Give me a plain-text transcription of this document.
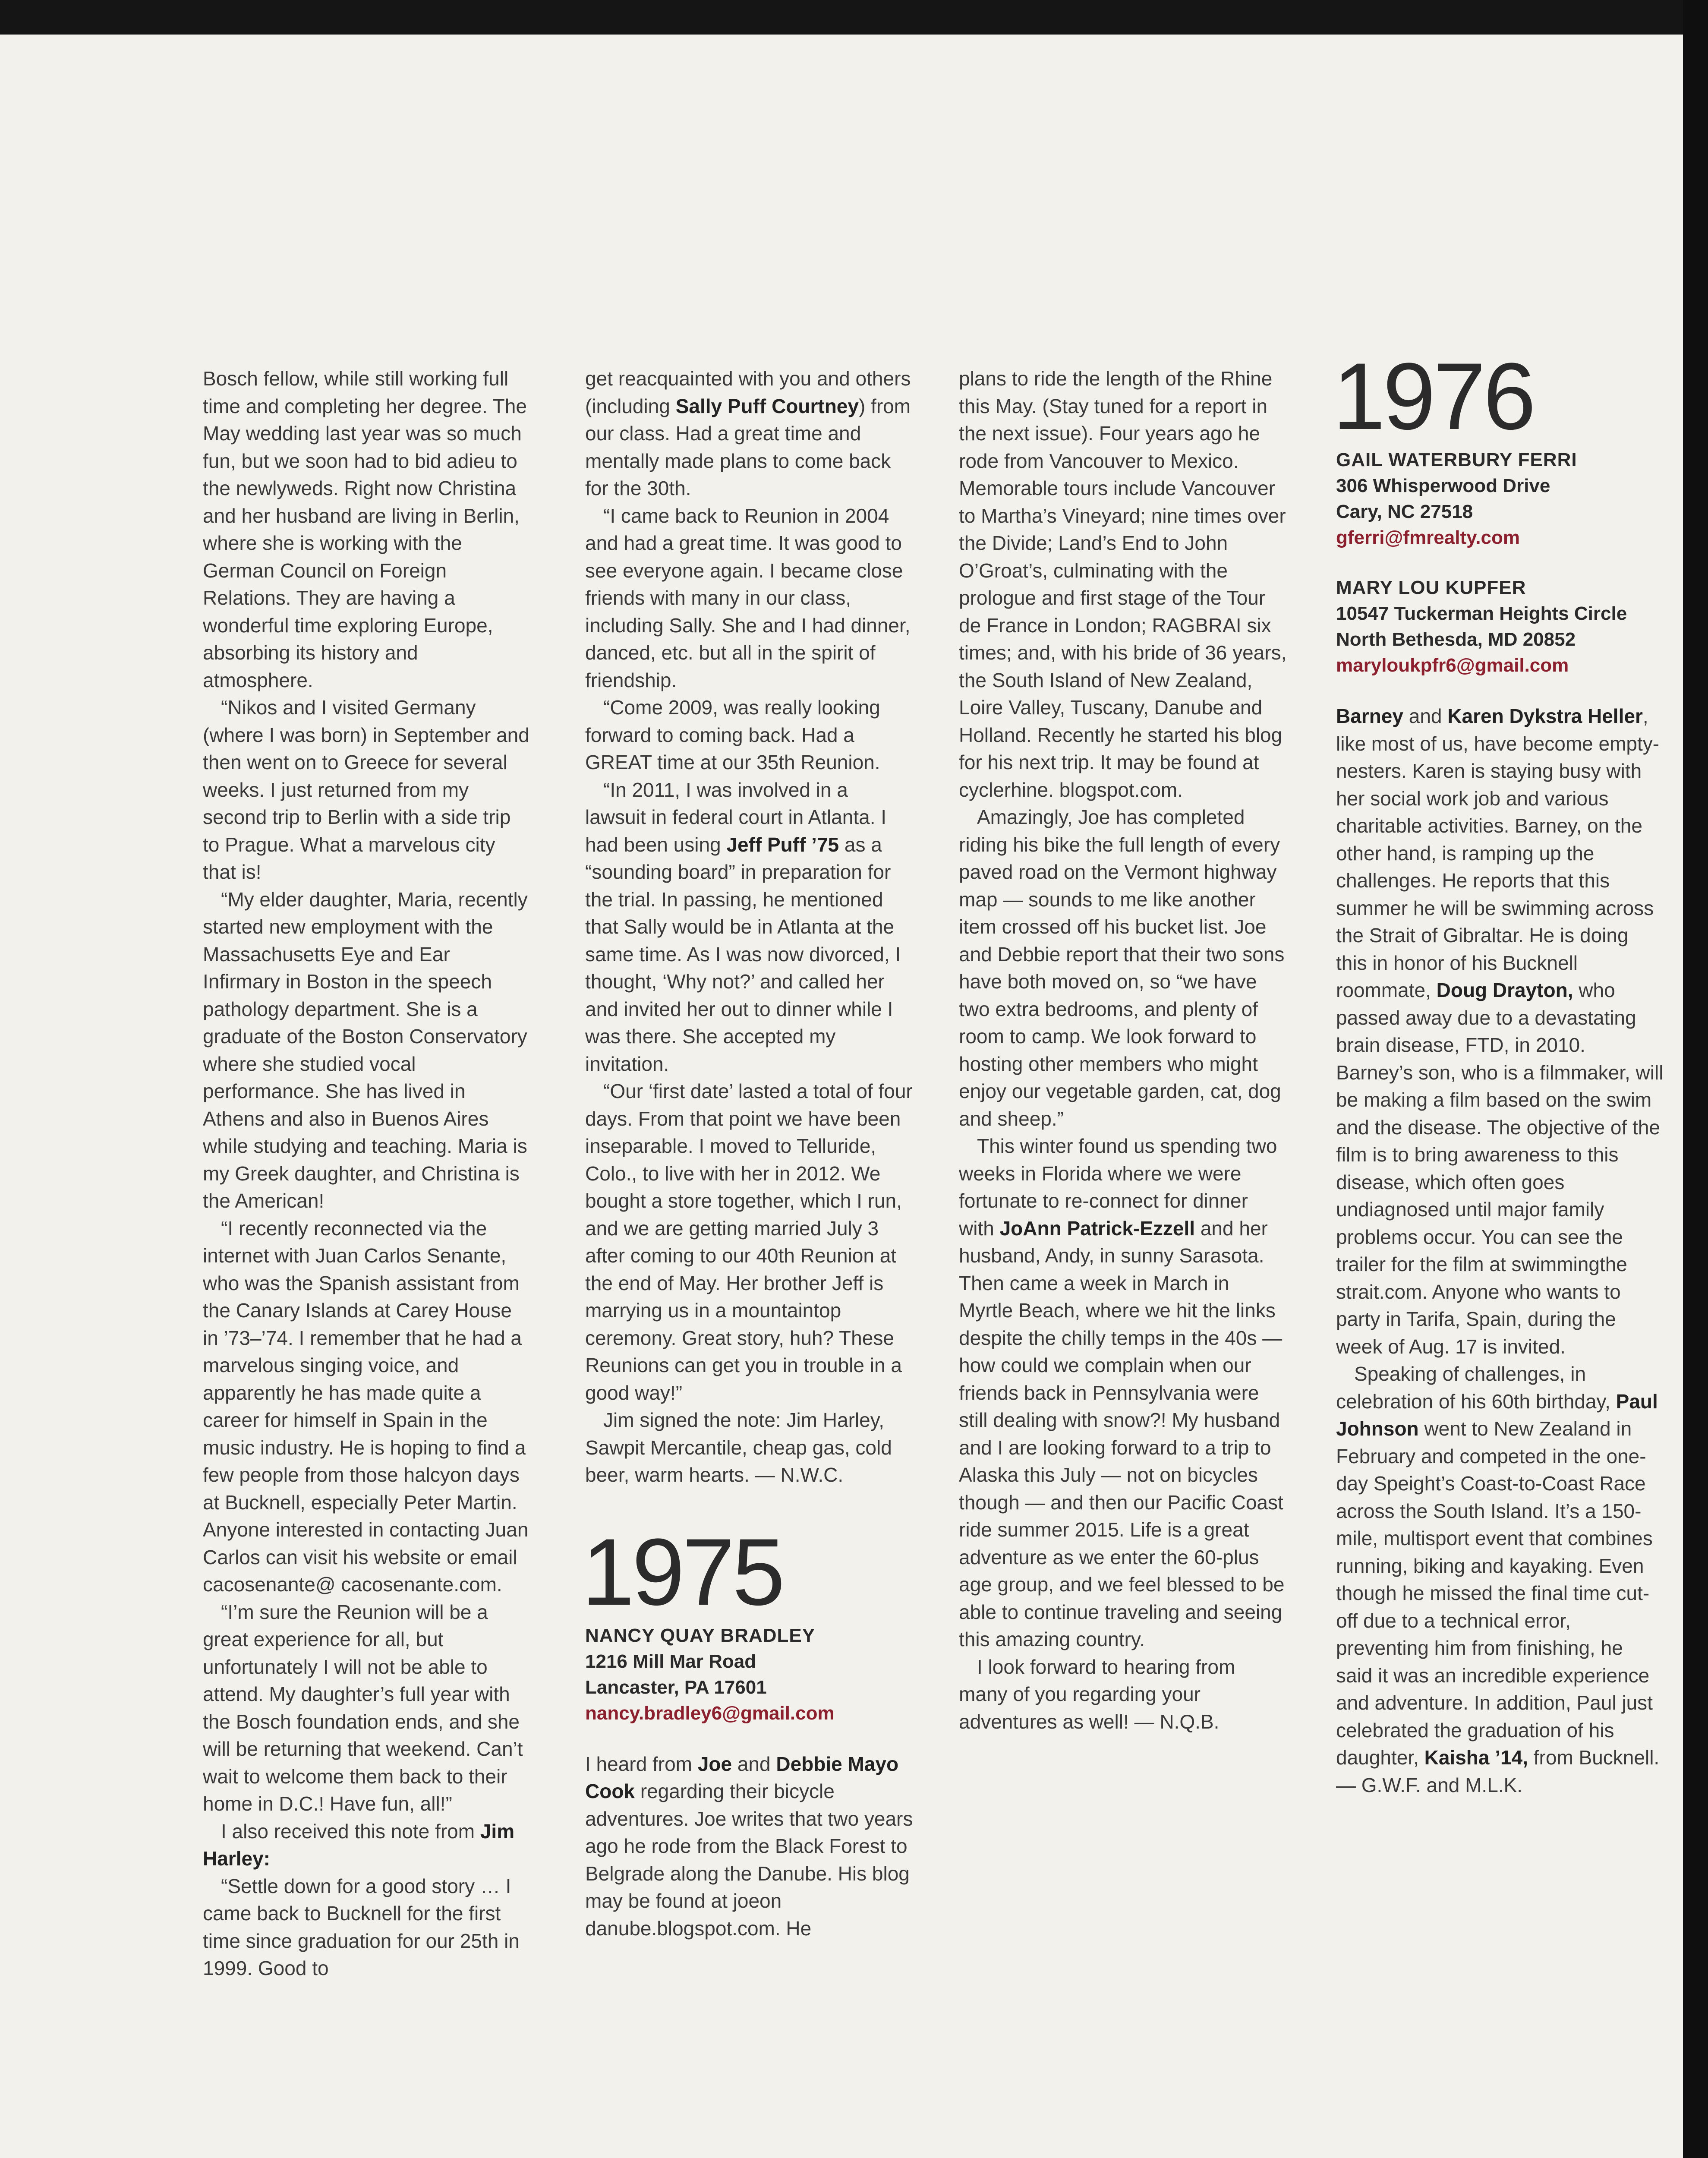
Bosch fellow, while still working full time and completing her degree. The May wedding last year was so much fun, but we soon had to bid adieu to the newlyweds. Right now Christina and her husband are living in Berlin, where she is working with the German Council on Foreign Relations. They are having a wonderful time exploring Europe, absorbing its history and atmosphere.

“Nikos and I visited Germany (where I was born) in September and then went on to Greece for several weeks. I just returned from my second trip to Berlin with a side trip to Prague. What a marvelous city that is!

“My elder daughter, Maria, recently started new employment with the Massachusetts Eye and Ear Infirmary in Boston in the speech pathology department. She is a graduate of the Boston Conservatory where she studied vocal performance. She has lived in Athens and also in Buenos Aires while studying and teaching. Maria is my Greek daughter, and Christina is the American!

“I recently reconnected via the internet with Juan Carlos Senante, who was the Spanish assistant from the Canary Islands at Carey House in ’73–’74. I remember that he had a marvelous singing voice, and apparently he has made quite a career for himself in Spain in the music industry. He is hoping to find a few people from those halcyon days at Bucknell, especially Peter Martin. Anyone interested in contacting Juan Carlos can visit his website or email cacosenante@ cacosenante.com.

“I’m sure the Reunion will be a great experience for all, but unfortunately I will not be able to attend. My daughter’s full year with the Bosch foundation ends, and she will be returning that weekend. Can’t wait to welcome them back to their home in D.C.! Have fun, all!”

I also received this note from Jim Harley:

“Settle down for a good story … I came back to Bucknell for the first time since graduation for our 25th in 1999. Good to

get reacquainted with you and others (including Sally Puff Courtney) from our class. Had a great time and mentally made plans to come back for the 30th.

“I came back to Reunion in 2004 and had a great time. It was good to see everyone again. I became close friends with many in our class, including Sally. She and I had dinner, danced, etc. but all in the spirit of friendship.

“Come 2009, was really looking forward to coming back. Had a GREAT time at our 35th Reunion.

“In 2011, I was involved in a lawsuit in federal court in Atlanta. I had been using Jeff Puff ’75 as a “sounding board” in preparation for the trial. In passing, he mentioned that Sally would be in Atlanta at the same time. As I was now divorced, I thought, ‘Why not?’ and called her and invited her out to dinner while I was there. She accepted my invitation.

“Our ‘first date’ lasted a total of four days. From that point we have been inseparable. I moved to Telluride, Colo., to live with her in 2012. We bought a store together, which I run, and we are getting married July 3 after coming to our 40th Reunion at the end of May. Her brother Jeff is marrying us in a mountaintop ceremony. Great story, huh? These Reunions can get you in trouble in a good way!”

Jim signed the note: Jim Harley, Sawpit Mercantile, cheap gas, cold beer, warm hearts. — N.W.C.

1975
NANCY QUAY BRADLEY
1216 Mill Mar Road
Lancaster, PA 17601
nancy.bradley6@gmail.com

I heard from Joe and Debbie Mayo Cook regarding their bicycle adventures. Joe writes that two years ago he rode from the Black Forest to Belgrade along the Danube. His blog may be found at joeon danube.blogspot.com. He

plans to ride the length of the Rhine this May. (Stay tuned for a report in the next issue). Four years ago he rode from Vancouver to Mexico. Memorable tours include Vancouver to Martha’s Vineyard; nine times over the Divide; Land’s End to John O’Groat’s, culminating with the prologue and first stage of the Tour de France in London; RAGBRAI six times; and, with his bride of 36 years, the South Island of New Zealand, Loire Valley, Tuscany, Danube and Holland. Recently he started his blog for his next trip. It may be found at cyclerhine. blogspot.com.

Amazingly, Joe has completed riding his bike the full length of every paved road on the Vermont highway map — sounds to me like another item crossed off his bucket list. Joe and Debbie report that their two sons have both moved on, so “we have two extra bedrooms, and plenty of room to camp. We look forward to hosting other members who might enjoy our vegetable garden, cat, dog and sheep.”

This winter found us spending two weeks in Florida where we were fortunate to re-connect for dinner with JoAnn Patrick-Ezzell and her husband, Andy, in sunny Sarasota. Then came a week in March in Myrtle Beach, where we hit the links despite the chilly temps in the 40s — how could we complain when our friends back in Pennsylvania were still dealing with snow?! My husband and I are looking forward to a trip to Alaska this July — not on bicycles though — and then our Pacific Coast ride summer 2015. Life is a great adventure as we enter the 60-plus age group, and we feel blessed to be able to continue traveling and seeing this amazing country.

I look forward to hearing from many of you regarding your adventures as well! — N.Q.B.

1976
GAIL WATERBURY FERRI
306 Whisperwood Drive
Cary, NC 27518
gferri@fmrealty.com
MARY LOU KUPFER
10547 Tuckerman Heights Circle
North Bethesda, MD 20852
maryloukpfr6@gmail.com

Barney and Karen Dykstra Heller, like most of us, have become empty-nesters. Karen is staying busy with her social work job and various charitable activities. Barney, on the other hand, is ramping up the challenges. He reports that this summer he will be swimming across the Strait of Gibraltar. He is doing this in honor of his Bucknell roommate, Doug Drayton, who passed away due to a devastating brain disease, FTD, in 2010. Barney’s son, who is a filmmaker, will be making a film based on the swim and the disease. The objective of the film is to bring awareness to this disease, which often goes undiagnosed until major family problems occur. You can see the trailer for the film at swimmingthe strait.com. Anyone who wants to party in Tarifa, Spain, during the week of Aug. 17 is invited.

Speaking of challenges, in celebration of his 60th birthday, Paul Johnson went to New Zealand in February and competed in the one-day Speight’s Coast-to-Coast Race across the South Island. It’s a 150-mile, multisport event that combines running, biking and kayaking. Even though he missed the final time cut-off due to a technical error, preventing him from finishing, he said it was an incredible experience and adventure. In addition, Paul just celebrated the graduation of his daughter, Kaisha ’14, from Bucknell. — G.W.F. and M.L.K.
